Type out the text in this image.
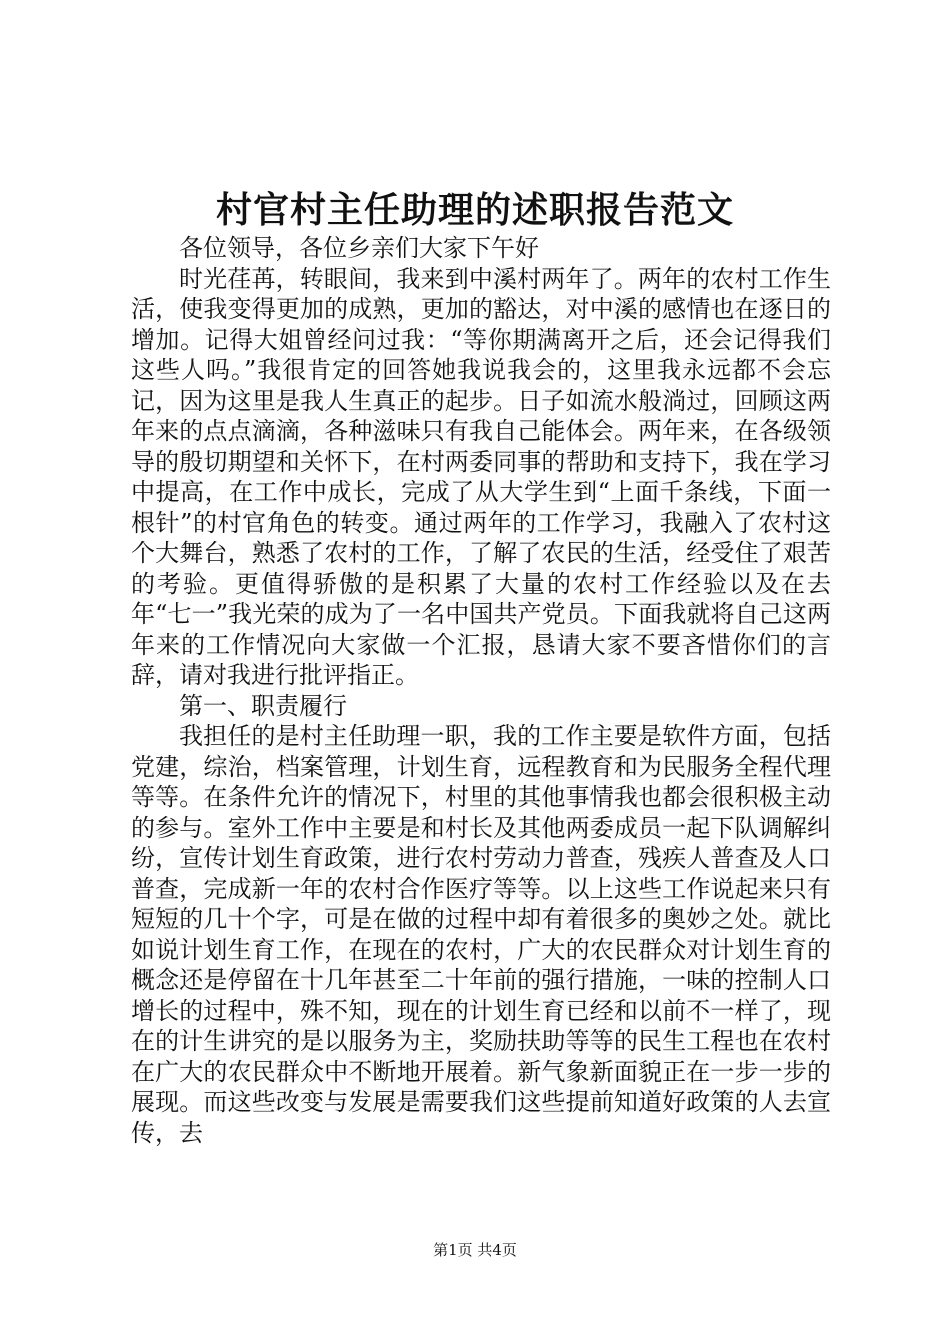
村官村主任助理的述职报告范文

各位领导，各位乡亲们大家下午好

时光荏苒，转眼间，我来到中溪村两年了。两年的农村工作生活，使我变得更加的成熟，更加的豁达，对中溪的感情也在逐日的增加。记得大姐曾经问过我：“等你期满离开之后，还会记得我们这些人吗。”我很肯定的回答她我说我会的，这里我永远都不会忘记，因为这里是我人生真正的起步。日子如流水般淌过，回顾这两年来的点点滴滴，各种滋味只有我自己能体会。两年来，在各级领导的殷切期望和关怀下，在村两委同事的帮助和支持下，我在学习中提高，在工作中成长，完成了从大学生到“上面千条线，下面一根针”的村官角色的转变。通过两年的工作学习，我融入了农村这个大舞台，熟悉了农村的工作，了解了农民的生活，经受住了艰苦的考验。更值得骄傲的是积累了大量的农村工作经验以及在去年“七一”我光荣的成为了一名中国共产党员。下面我就将自己这两年来的工作情况向大家做一个汇报，恳请大家不要吝惜你们的言辞，请对我进行批评指正。

第一、职责履行

我担任的是村主任助理一职，我的工作主要是软件方面，包括党建，综治，档案管理，计划生育，远程教育和为民服务全程代理等等。在条件允许的情况下，村里的其他事情我也都会很积极主动的参与。室外工作中主要是和村长及其他两委成员一起下队调解纠纷，宣传计划生育政策，进行农村劳动力普查，残疾人普查及人口普查，完成新一年的农村合作医疗等等。以上这些工作说起来只有短短的几十个字，可是在做的过程中却有着很多的奥妙之处。就比如说计划生育工作，在现在的农村，广大的农民群众对计划生育的概念还是停留在十几年甚至二十年前的强行措施，一味的控制人口增长的过程中，殊不知，现在的计划生育已经和以前不一样了，现在的计生讲究的是以服务为主，奖励扶助等等的民生工程也在农村在广大的农民群众中不断地开展着。新气象新面貌正在一步一步的展现。而这些改变与发展是需要我们这些提前知道好政策的人去宣传，去

第1页 共4页
